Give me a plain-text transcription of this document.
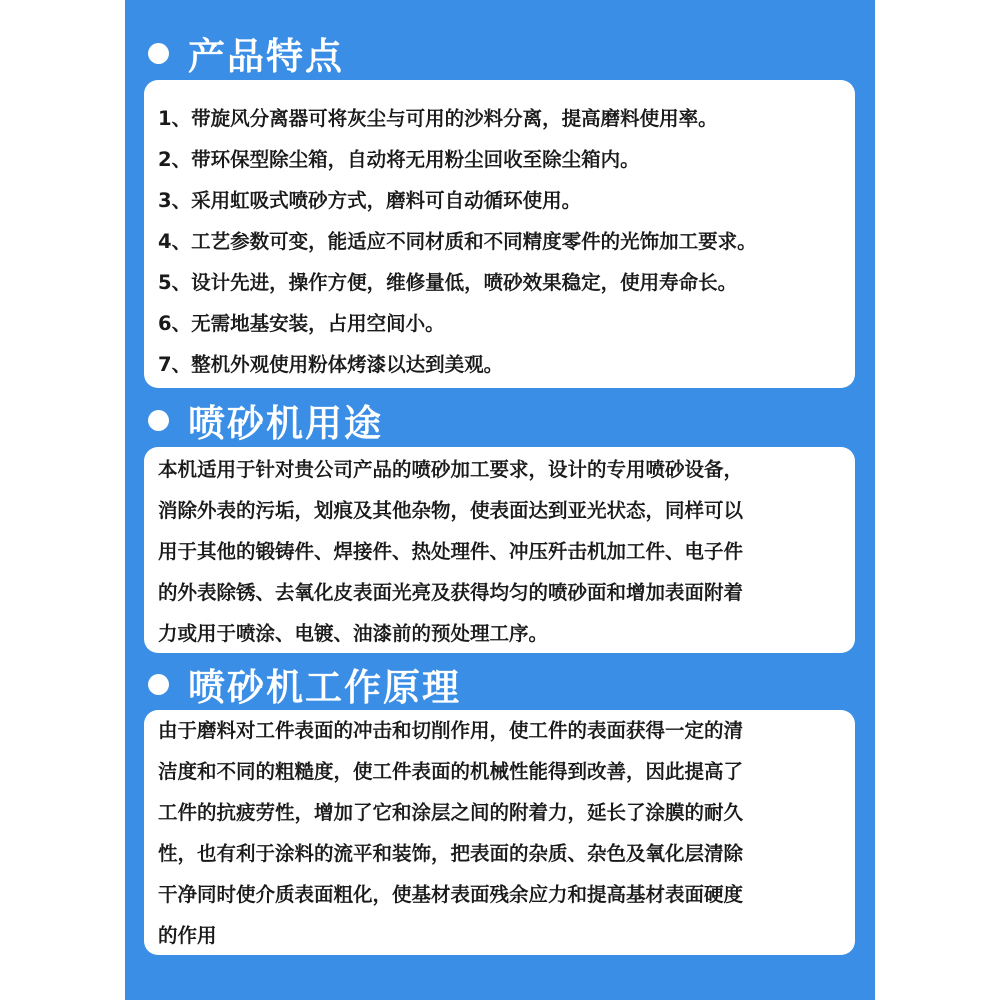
产品特点
1、带旋风分离器可将灰尘与可用的沙料分离，提高磨料使用率。
2、带环保型除尘箱，自动将无用粉尘回收至除尘箱内。
3、采用虹吸式喷砂方式，磨料可自动循环使用。
4、工艺参数可变，能适应不同材质和不同精度零件的光饰加工要求。
5、设计先进，操作方便，维修量低，喷砂效果稳定，使用寿命长。
6、无需地基安装，占用空间小。
7、整机外观使用粉体烤漆以达到美观。
喷砂机用途
本机适用于针对贵公司产品的喷砂加工要求，设计的专用喷砂设备，
消除外表的污垢，划痕及其他杂物，使表面达到亚光状态，同样可以
用于其他的锻铸件、焊接件、热处理件、冲压歼击机加工件、电子件
的外表除锈、去氧化皮表面光亮及获得均匀的喷砂面和增加表面附着
力或用于喷涂、电镀、油漆前的预处理工序。
喷砂机工作原理
由于磨料对工件表面的冲击和切削作用，使工件的表面获得一定的清
洁度和不同的粗糙度，使工件表面的机械性能得到改善，因此提高了
工件的抗疲劳性，增加了它和涂层之间的附着力，延长了涂膜的耐久
性，也有利于涂料的流平和装饰，把表面的杂质、杂色及氧化层清除
干净同时使介质表面粗化，使基材表面残余应力和提高基材表面硬度
的作用
